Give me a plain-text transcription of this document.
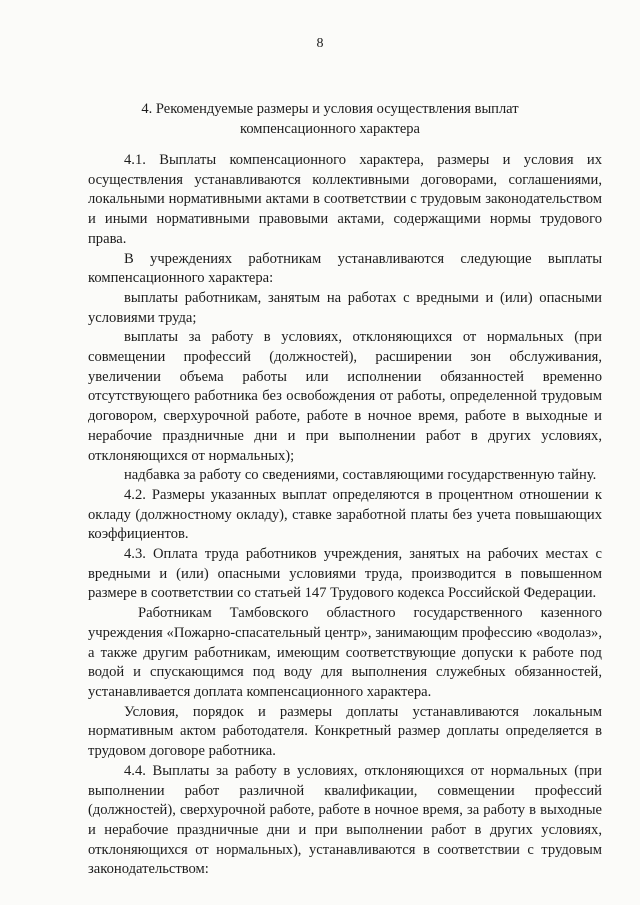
8
4. Рекомендуемые размеры и условия осуществления выплат
компенсационного характера

4.1. Выплаты компенсационного характера, размеры и условия их осуществления устанавливаются коллективными договорами, соглашениями, локальными нормативными актами в соответствии с трудовым законодательством и иными нормативными правовыми актами, содержащими нормы трудового права.

В учреждениях работникам устанавливаются следующие выплаты компенсационного характера:

выплаты работникам, занятым на работах с вредными и (или) опасными условиями труда;

выплаты за работу в условиях, отклоняющихся от нормальных (при совмещении профессий (должностей), расширении зон обслуживания, увеличении объема работы или исполнении обязанностей временно отсутствующего работника без освобождения от работы, определенной трудовым договором, сверхурочной работе, работе в ночное время, работе в выходные и нерабочие праздничные дни и при выполнении работ в других условиях, отклоняющихся от нормальных);

надбавка за работу со сведениями, составляющими государственную тайну.

4.2. Размеры указанных выплат определяются в процентном отношении к окладу (должностному окладу), ставке заработной платы без учета повышающих коэффициентов.

4.3. Оплата труда работников учреждения, занятых на рабочих местах с вредными и (или) опасными условиями труда, производится в повышенном размере в соответствии со статьей 147 Трудового кодекса Российской Федерации.

Работникам Тамбовского областного государственного казенного учреждения «Пожарно-спасательный центр», занимающим профессию «водолаз», а также другим работникам, имеющим соответствующие допуски к работе под водой и спускающимся под воду для выполнения служебных обязанностей, устанавливается доплата компенсационного характера.

Условия, порядок и размеры доплаты устанавливаются локальным нормативным актом работодателя. Конкретный размер доплаты определяется в трудовом договоре работника.

4.4. Выплаты за работу в условиях, отклоняющихся от нормальных (при выполнении работ различной квалификации, совмещении профессий (должностей), сверхурочной работе, работе в ночное время, за работу в выходные и нерабочие праздничные дни и при выполнении работ в других условиях, отклоняющихся от нормальных), устанавливаются в соответствии с трудовым законодательством:
